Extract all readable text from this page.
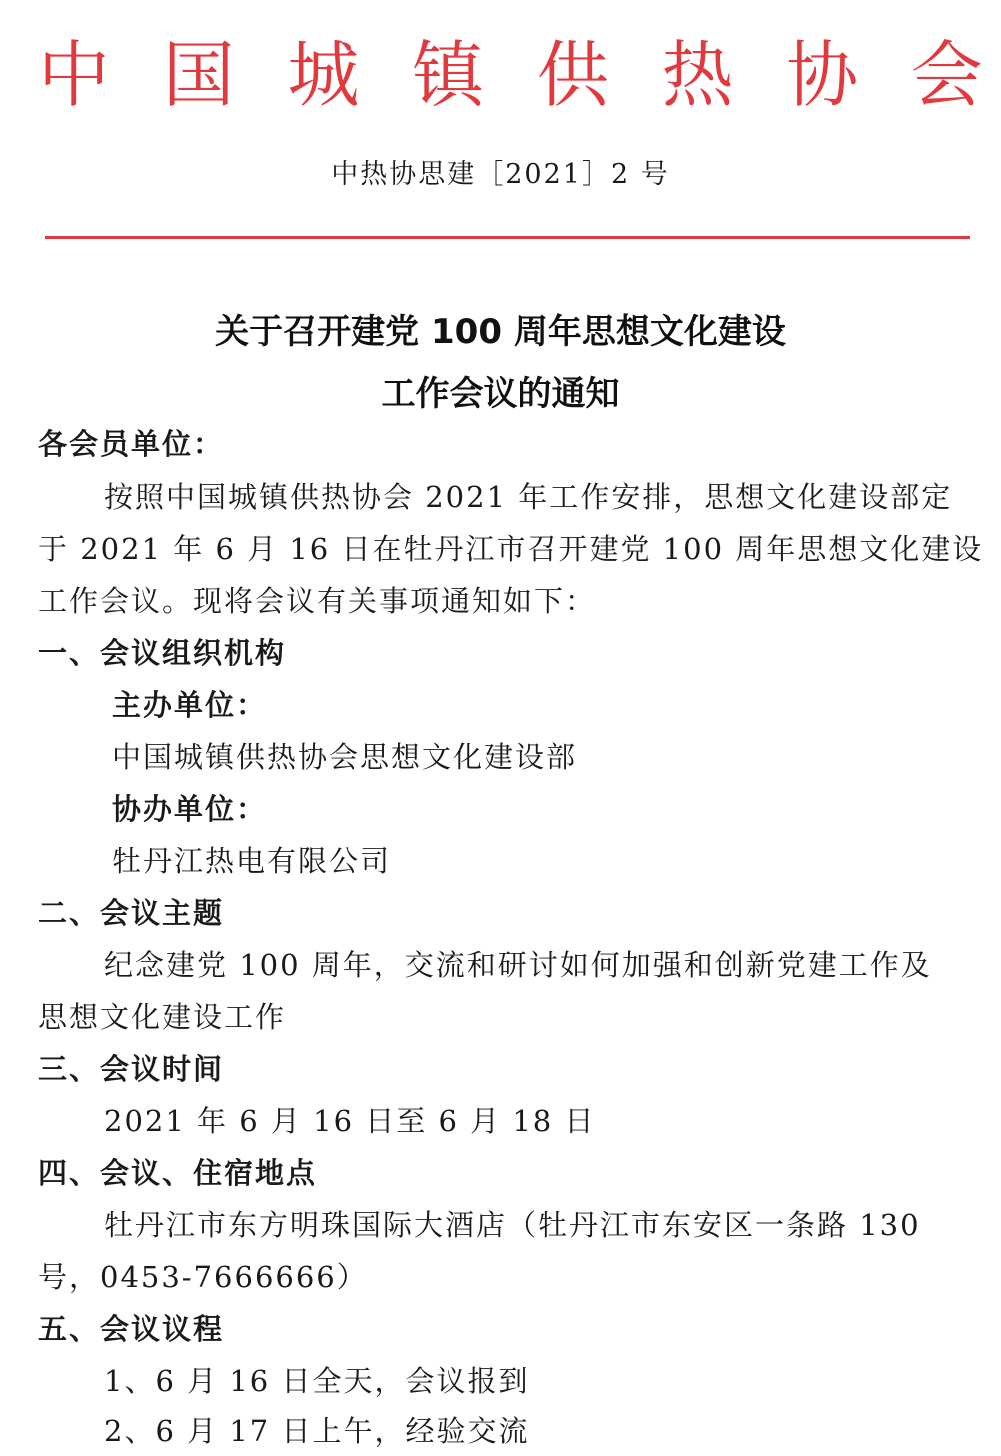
中 国 城 镇 供 热 协 会
中热协思建［2021］2 号
关于召开建党 100 周年思想文化建设
工作会议的通知
各会员单位：
按照中国城镇供热协会 2021 年工作安排，思想文化建设部定
于 2021 年 6 月 16 日在牡丹江市召开建党 100 周年思想文化建设
工作会议。现将会议有关事项通知如下：
一、会议组织机构
主办单位：
中国城镇供热协会思想文化建设部
协办单位：
牡丹江热电有限公司
二、会议主题
纪念建党 100 周年，交流和研讨如何加强和创新党建工作及
思想文化建设工作
三、会议时间
2021 年 6 月 16 日至 6 月 18 日
四、会议、住宿地点
牡丹江市东方明珠国际大酒店（牡丹江市东安区一条路 130
号，0453-7666666）
五、会议议程
1、6 月 16 日全天，会议报到
2、6 月 17 日上午，经验交流
